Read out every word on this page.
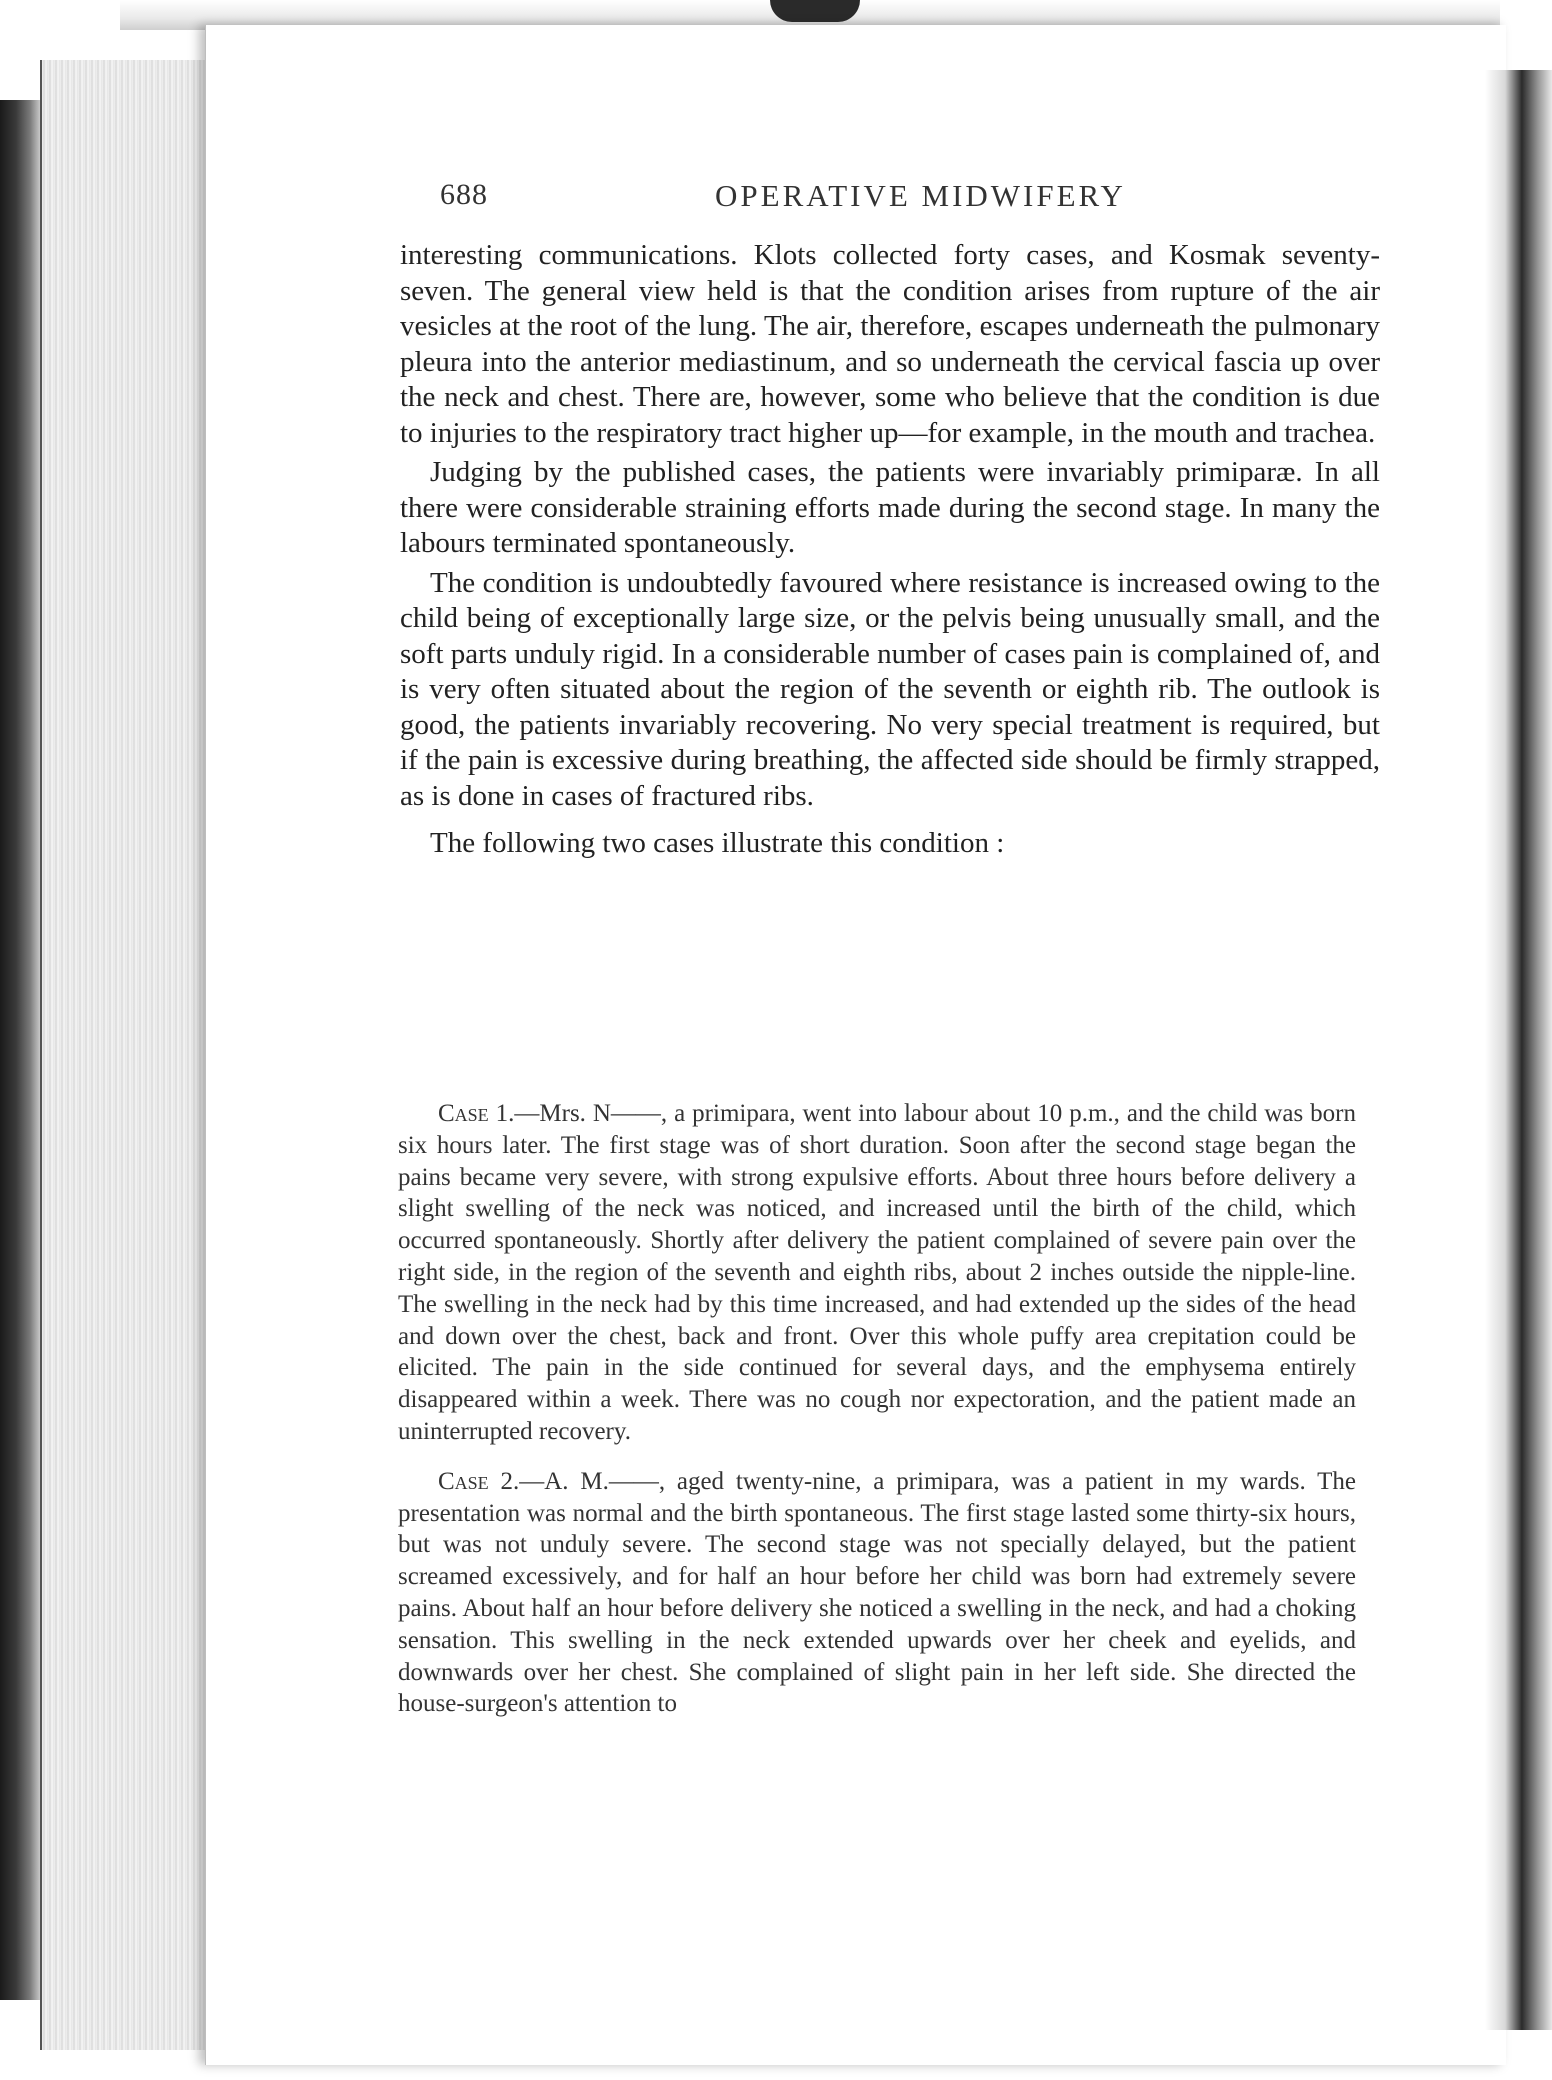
688	OPERATIVE MIDWIFERY

interesting communications. Klots collected forty cases, and Kosmak seventy-seven. The general view held is that the condition arises from rupture of the air vesicles at the root of the lung. The air, therefore, escapes underneath the pulmonary pleura into the anterior mediastinum, and so underneath the cervical fascia up over the neck and chest. There are, however, some who believe that the condition is due to injuries to the respiratory tract higher up—for example, in the mouth and trachea.

Judging by the published cases, the patients were invariably primiparæ. In all there were considerable straining efforts made during the second stage. In many the labours terminated spontaneously.

The condition is undoubtedly favoured where resistance is increased owing to the child being of exceptionally large size, or the pelvis being unusually small, and the soft parts unduly rigid. In a considerable number of cases pain is complained of, and is very often situated about the region of the seventh or eighth rib. The outlook is good, the patients invariably recovering. No very special treatment is required, but if the pain is excessive during breathing, the affected side should be firmly strapped, as is done in cases of fractured ribs.

The following two cases illustrate this condition :

Case 1.—Mrs. N——, a primipara, went into labour about 10 p.m., and the child was born six hours later. The first stage was of short duration. Soon after the second stage began the pains became very severe, with strong expulsive efforts. About three hours before delivery a slight swelling of the neck was noticed, and increased until the birth of the child, which occurred spontaneously. Shortly after delivery the patient complained of severe pain over the right side, in the region of the seventh and eighth ribs, about 2 inches outside the nipple-line. The swelling in the neck had by this time increased, and had extended up the sides of the head and down over the chest, back and front. Over this whole puffy area crepitation could be elicited. The pain in the side continued for several days, and the emphysema entirely disappeared within a week. There was no cough nor expectoration, and the patient made an uninterrupted recovery.

Case 2.—A. M.——, aged twenty-nine, a primipara, was a patient in my wards. The presentation was normal and the birth spontaneous. The first stage lasted some thirty-six hours, but was not unduly severe. The second stage was not specially delayed, but the patient screamed excessively, and for half an hour before her child was born had extremely severe pains. About half an hour before delivery she noticed a swelling in the neck, and had a choking sensation. This swelling in the neck extended upwards over her cheek and eyelids, and downwards over her chest. She complained of slight pain in her left side. She directed the house-surgeon's attention to
